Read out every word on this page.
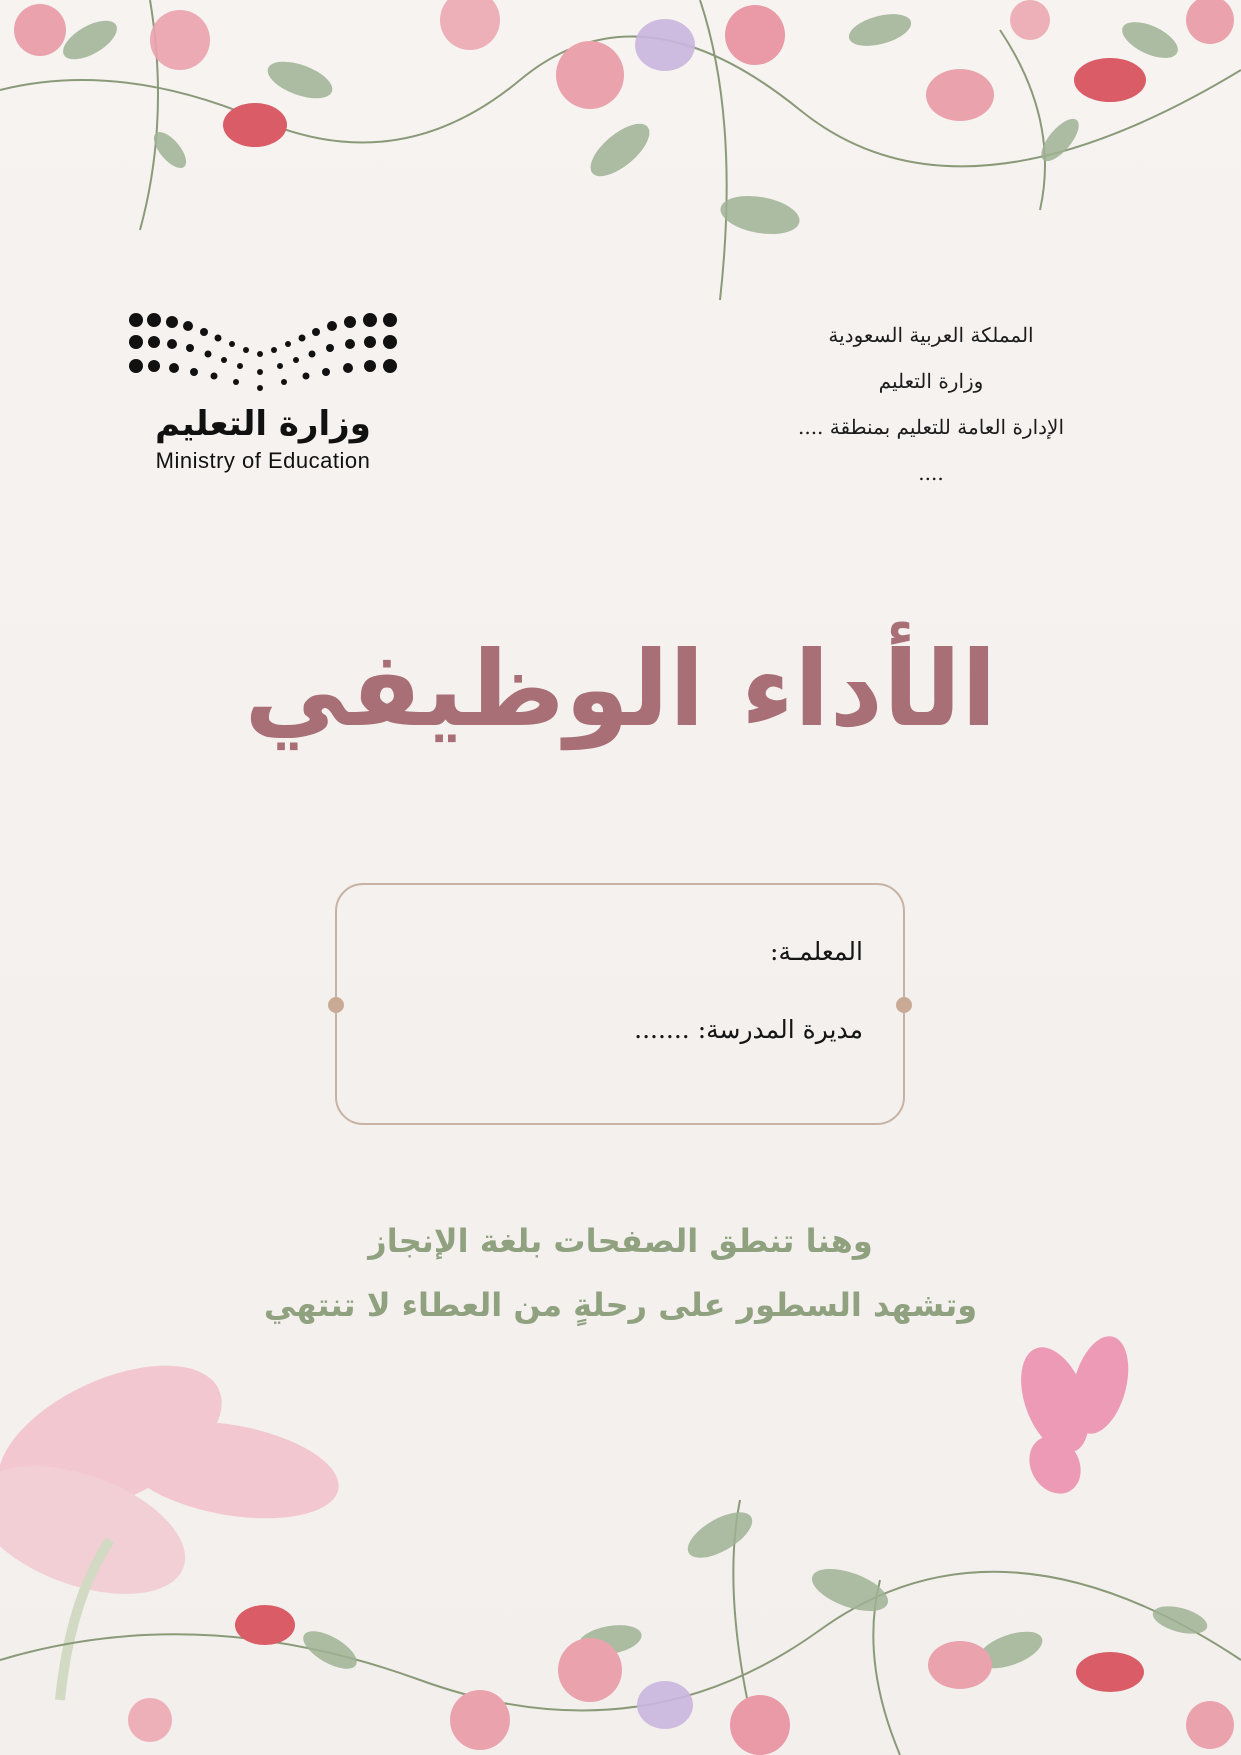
وزارة التعليم
Ministry of Education
المملكة العربية السعودية
وزارة التعليم
الإدارة العامة للتعليم بمنطقة ....
....
الأداء الوظيفي
المعلمـة:
مديرة المدرسة: .......
وهنا تنطق الصفحات بلغة الإنجاز
وتشهد السطور على رحلةٍ من العطاء لا تنتهي
